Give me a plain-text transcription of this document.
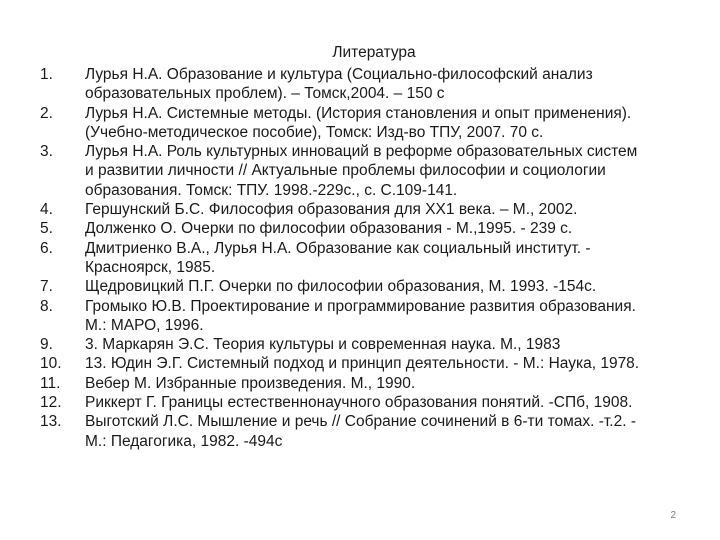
Литература
1.	Лурья Н.А. Образование и культура (Социально-философский анализ
образовательных проблем). – Томск,2004. – 150 с
2.	Лурья Н.А. Системные методы. (История становления и опыт применения).
(Учебно-методическое пособие), Томск: Изд-во ТПУ, 2007. 70 с.
3.	Лурья Н.А. Роль культурных инноваций в реформе образовательных систем
и развитии личности // Актуальные проблемы философии и социологии
образования. Томск: ТПУ. 1998.-229с., с. С.109-141.
4.	Гершунский Б.С. Философия образования для ХХ1 века. – М., 2002.
5.	Долженко О. Очерки по философии образования - М.,1995. - 239 с.
6.	Дмитриенко В.А., Лурья Н.А. Образование как социальный институт. -
Красноярск, 1985.
7.	Щедровицкий П.Г. Очерки по философии образования, М. 1993. -154с.
8.	Громыко Ю.В. Проектирование и программирование развития образования.
М.: МАРО, 1996.
9.	3. Маркарян Э.С. Теория культуры и современная наука. М., 1983
10.	13. Юдин Э.Г. Системный подход и принцип деятельности. - М.: Наука, 1978.
11.	Вебер М. Избранные произведения. М., 1990.
12.	Риккерт Г. Границы естественнонаучного образования понятий. -СПб, 1908.
13.	Выготский Л.С. Мышление и речь // Собрание сочинений в 6-ти томах. -т.2. -
М.: Педагогика, 1982. -494с
2
